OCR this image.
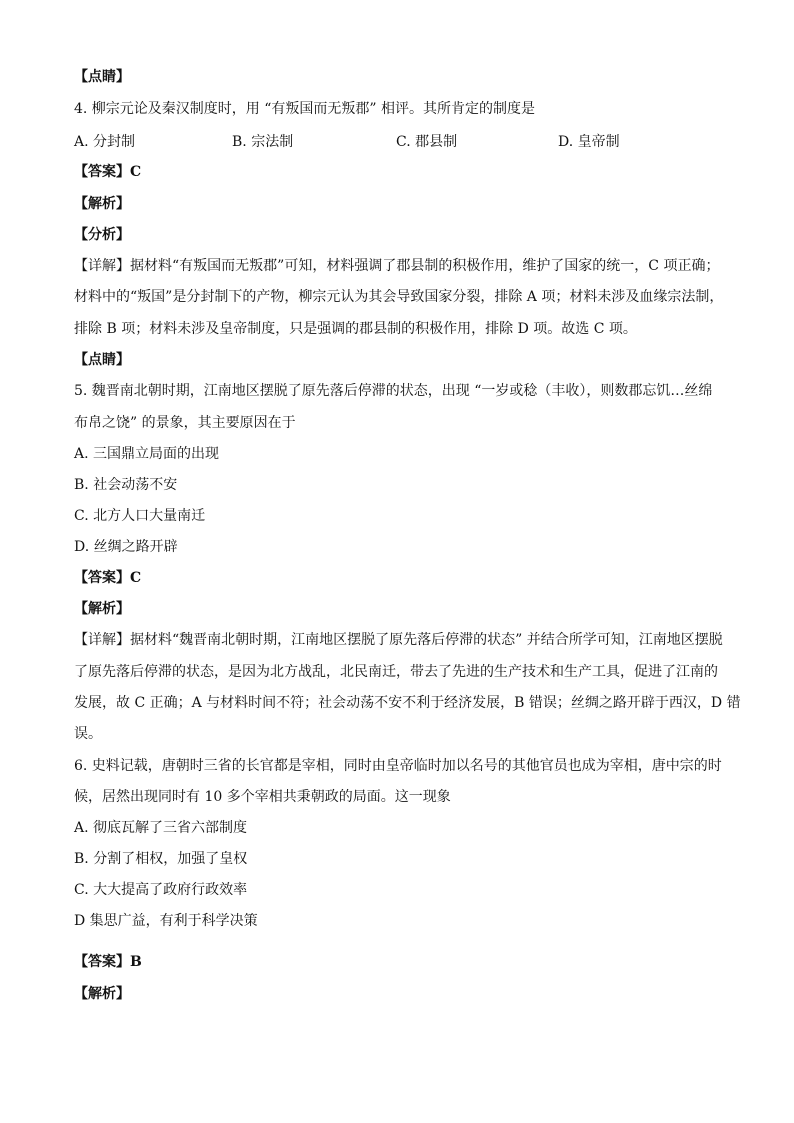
【点睛】
4. 柳宗元论及秦汉制度时，用 “有叛国而无叛郡” 相评。其所肯定的制度是
A. 分封制	B. 宗法制	C. 郡县制	D. 皇帝制
【答案】C
【解析】
【分析】
【详解】据材料“有叛国而无叛郡”可知，材料强调了郡县制的积极作用，维护了国家的统一，C 项正确；
材料中的“叛国”是分封制下的产物，柳宗元认为其会导致国家分裂，排除 A 项；材料未涉及血缘宗法制，
排除 B 项；材料未涉及皇帝制度，只是强调的郡县制的积极作用，排除 D 项。故选 C 项。
【点睛】
5. 魏晋南北朝时期，江南地区摆脱了原先落后停滞的状态，出现 “一岁或稔（丰收），则数郡忘饥…丝绵
布帛之饶” 的景象，其主要原因在于
A. 三国鼎立局面的出现
B. 社会动荡不安
C. 北方人口大量南迁
D. 丝绸之路开辟
【答案】C
【解析】
【详解】据材料“魏晋南北朝时期，江南地区摆脱了原先落后停滞的状态” 并结合所学可知，江南地区摆脱
了原先落后停滞的状态，是因为北方战乱，北民南迁，带去了先进的生产技术和生产工具，促进了江南的
发展，故 C 正确；A 与材料时间不符；社会动荡不安不利于经济发展，B 错误；丝绸之路开辟于西汉，D 错
误。
6. 史料记载，唐朝时三省的长官都是宰相，同时由皇帝临时加以名号的其他官员也成为宰相，唐中宗的时
候，居然出现同时有 10 多个宰相共秉朝政的局面。这一现象
A. 彻底瓦解了三省六部制度
B. 分割了相权，加强了皇权
C. 大大提高了政府行政效率
D 集思广益，有利于科学决策
【答案】B
【解析】
